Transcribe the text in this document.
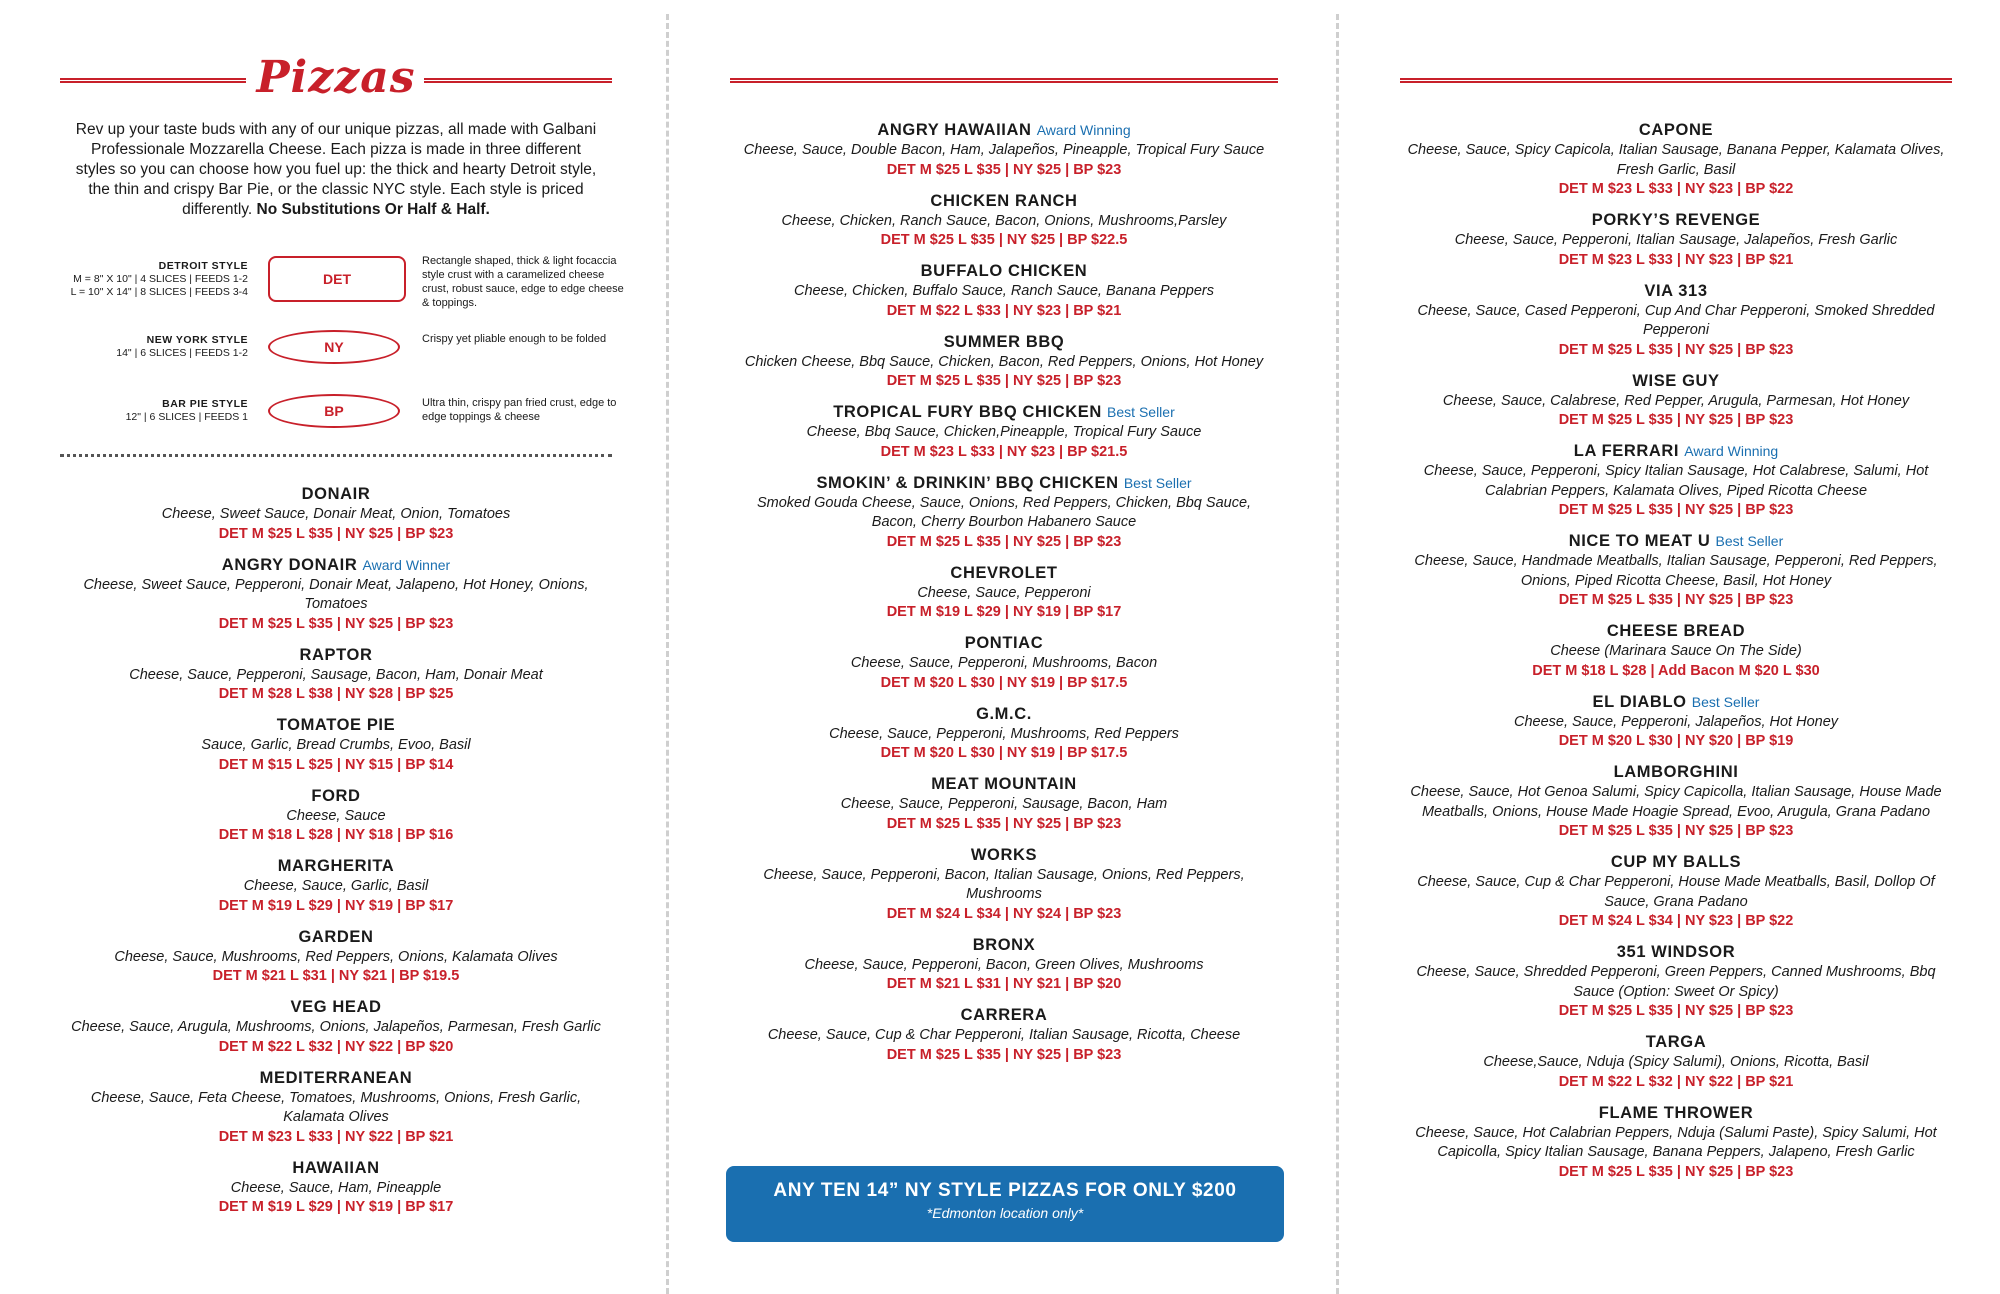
Pizzas
Rev up your taste buds with any of our unique pizzas, all made with Galbani Professionale Mozzarella Cheese. Each pizza is made in three different styles so you can choose how you fuel up: the thick and hearty Detroit style, the thin and crispy Bar Pie, or the classic NYC style. Each style is priced differently. No Substitutions Or Half & Half.
DETROIT STYLE
M = 8" X 10" | 4 SLICES | FEEDS 1-2
L = 10" X 14" | 8 SLICES | FEEDS 3-4
DET
Rectangle shaped, thick & light focaccia style crust with a caramelized cheese crust, robust sauce, edge to edge cheese & toppings.
NEW YORK STYLE
14" | 6 SLICES | FEEDS 1-2	NY	Crispy yet pliable enough to be folded
BAR PIE STYLE
12" | 6 SLICES | FEEDS 1	BP	Ultra thin, crispy pan fried crust, edge to edge toppings & cheese
DONAIR
Cheese, Sweet Sauce, Donair Meat, Onion, Tomatoes
DET M $25 L $35 | NY $25 | BP $23
ANGRY DONAIR Award Winner
Cheese, Sweet Sauce, Pepperoni, Donair Meat, Jalapeno, Hot Honey, Onions, Tomatoes
DET M $25 L $35 | NY $25 | BP $23
RAPTOR
Cheese, Sauce, Pepperoni, Sausage, Bacon, Ham, Donair Meat
DET M $28 L $38 | NY $28 | BP $25
TOMATOE PIE
Sauce, Garlic, Bread Crumbs, Evoo, Basil
DET M $15 L $25 | NY $15 | BP $14
FORD
Cheese, Sauce
DET M $18 L $28 | NY $18 | BP $16
MARGHERITA
Cheese, Sauce, Garlic, Basil
DET M $19 L $29 | NY $19 | BP $17
GARDEN
Cheese, Sauce, Mushrooms, Red Peppers, Onions, Kalamata Olives
DET M $21 L $31 | NY $21 | BP $19.5
VEG HEAD
Cheese, Sauce, Arugula, Mushrooms, Onions, Jalapeños, Parmesan, Fresh Garlic
DET M $22 L $32 | NY $22 | BP $20
MEDITERRANEAN
Cheese, Sauce, Feta Cheese, Tomatoes, Mushrooms, Onions, Fresh Garlic, Kalamata Olives
DET M $23 L $33 | NY $22 | BP $21
HAWAIIAN
Cheese, Sauce, Ham, Pineapple
DET M $19 L $29 | NY $19 | BP $17
ANGRY HAWAIIAN Award Winning
Cheese, Sauce, Double Bacon, Ham, Jalapeños, Pineapple, Tropical Fury Sauce
DET M $25 L $35 | NY $25 | BP $23
CHICKEN RANCH
Cheese, Chicken, Ranch Sauce, Bacon, Onions, Mushrooms,Parsley
DET M $25 L $35 | NY $25 | BP $22.5
BUFFALO CHICKEN
Cheese, Chicken, Buffalo Sauce, Ranch Sauce, Banana Peppers
DET M $22 L $33 | NY $23 | BP $21
SUMMER BBQ
Chicken Cheese, Bbq Sauce, Chicken, Bacon, Red Peppers, Onions, Hot Honey
DET M $25 L $35 | NY $25 | BP $23
TROPICAL FURY BBQ CHICKEN Best Seller
Cheese, Bbq Sauce, Chicken,Pineapple, Tropical Fury Sauce
DET M $23 L $33 | NY $23 | BP $21.5
SMOKIN’ & DRINKIN’ BBQ CHICKEN Best Seller
Smoked Gouda Cheese, Sauce, Onions, Red Peppers, Chicken, Bbq Sauce, Bacon, Cherry Bourbon Habanero Sauce
DET M $25 L $35 | NY $25 | BP $23
CHEVROLET
Cheese, Sauce, Pepperoni
DET M $19 L $29 | NY $19 | BP $17
PONTIAC
Cheese, Sauce, Pepperoni, Mushrooms, Bacon
DET M $20 L $30 | NY $19 | BP $17.5
G.M.C.
Cheese, Sauce, Pepperoni, Mushrooms, Red Peppers
DET M $20 L $30 | NY $19 | BP $17.5
MEAT MOUNTAIN
Cheese, Sauce, Pepperoni, Sausage, Bacon, Ham
DET M $25 L $35 | NY $25 | BP $23
WORKS
Cheese, Sauce, Pepperoni, Bacon, Italian Sausage, Onions, Red Peppers, Mushrooms
DET M $24 L $34 | NY $24 | BP $23
BRONX
Cheese, Sauce, Pepperoni, Bacon, Green Olives, Mushrooms
DET M $21 L $31 | NY $21 | BP $20
CARRERA
Cheese, Sauce, Cup & Char Pepperoni, Italian Sausage, Ricotta, Cheese
DET M $25 L $35 | NY $25 | BP $23
CAPONE
Cheese, Sauce, Spicy Capicola, Italian Sausage, Banana Pepper, Kalamata Olives, Fresh Garlic, Basil
DET M $23 L $33 | NY $23 | BP $22
PORKY’S REVENGE
Cheese, Sauce, Pepperoni, Italian Sausage, Jalapeños, Fresh Garlic
DET M $23 L $33 | NY $23 | BP $21
VIA 313
Cheese, Sauce, Cased Pepperoni, Cup And Char Pepperoni, Smoked Shredded Pepperoni
DET M $25 L $35 | NY $25 | BP $23
WISE GUY
Cheese, Sauce, Calabrese, Red Pepper, Arugula, Parmesan, Hot Honey
DET M $25 L $35 | NY $25 | BP $23
LA FERRARI Award Winning
Cheese, Sauce, Pepperoni, Spicy Italian Sausage, Hot Calabrese, Salumi, Hot Calabrian Peppers, Kalamata Olives, Piped Ricotta Cheese
DET M $25 L $35 | NY $25 | BP $23
NICE TO MEAT U Best Seller
Cheese, Sauce, Handmade Meatballs, Italian Sausage, Pepperoni, Red Peppers, Onions, Piped Ricotta Cheese, Basil, Hot Honey
DET M $25 L $35 | NY $25 | BP $23
CHEESE BREAD
Cheese (Marinara Sauce On The Side)
DET M $18 L $28 | Add Bacon M $20 L $30
EL DIABLO Best Seller
Cheese, Sauce, Pepperoni, Jalapeños, Hot Honey
DET M $20 L $30 | NY $20 | BP $19
LAMBORGHINI
Cheese, Sauce, Hot Genoa Salumi, Spicy Capicolla, Italian Sausage, House Made Meatballs, Onions, House Made Hoagie Spread, Evoo, Arugula, Grana Padano
DET M $25 L $35 | NY $25 | BP $23
CUP MY BALLS
Cheese, Sauce, Cup & Char Pepperoni, House Made Meatballs, Basil, Dollop Of Sauce, Grana Padano
DET M $24 L $34 | NY $23 | BP $22
351 WINDSOR
Cheese, Sauce, Shredded Pepperoni, Green Peppers, Canned Mushrooms, Bbq Sauce (Option: Sweet Or Spicy)
DET M $25 L $35 | NY $25 | BP $23
TARGA
Cheese,Sauce, Nduja (Spicy Salumi), Onions, Ricotta, Basil
DET M $22 L $32 | NY $22 | BP $21
FLAME THROWER
Cheese, Sauce, Hot Calabrian Peppers, Nduja (Salumi Paste), Spicy Salumi, Hot Capicolla, Spicy Italian Sausage, Banana Peppers, Jalapeno, Fresh Garlic
DET M $25 L $35 | NY $25 | BP $23
ANY TEN 14” NY STYLE PIZZAS FOR ONLY $200
*Edmonton location only*
